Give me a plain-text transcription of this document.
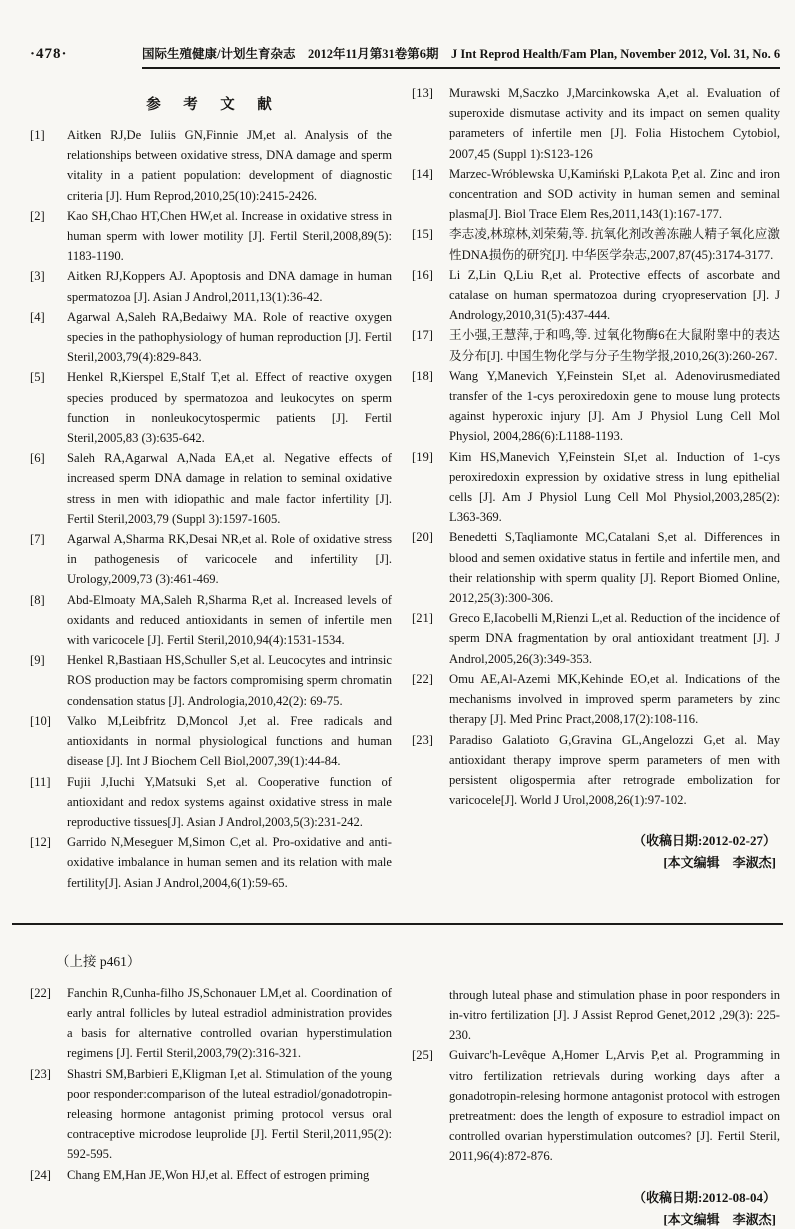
·478·	国际生殖健康/计划生育杂志　2012年11月第31卷第6期　J Int Reprod Health/Fam Plan, November 2012, Vol. 31, No. 6
参　考　文　献
[1]	Aitken RJ,De Iuliis GN,Finnie JM,et al. Analysis of the relationships between oxidative stress, DNA damage and sperm vitality in a patient population: development of diagnostic criteria [J]. Hum Reprod,2010,25(10):2415-2426.
[2]	Kao SH,Chao HT,Chen HW,et al. Increase in oxidative stress in human sperm with lower motility [J]. Fertil Steril,2008,89(5): 1183-1190.
[3]	Aitken RJ,Koppers AJ. Apoptosis and DNA damage in human spermatozoa [J]. Asian J Androl,2011,13(1):36-42.
[4]	Agarwal A,Saleh RA,Bedaiwy MA. Role of reactive oxygen species in the pathophysiology of human reproduction [J]. Fertil Steril,2003,79(4):829-843.
[5]	Henkel R,Kierspel E,Stalf T,et al. Effect of reactive oxygen species produced by spermatozoa and leukocytes on sperm function in nonleukocytospermic patients [J]. Fertil Steril,2005,83 (3):635-642.
[6]	Saleh RA,Agarwal A,Nada EA,et al. Negative effects of increased sperm DNA damage in relation to seminal oxidative stress in men with idiopathic and male factor infertility [J]. Fertil Steril,2003,79 (Suppl 3):1597-1605.
[7]	Agarwal A,Sharma RK,Desai NR,et al. Role of oxidative stress in pathogenesis of varicocele and infertility [J]. Urology,2009,73 (3):461-469.
[8]	Abd-Elmoaty MA,Saleh R,Sharma R,et al. Increased levels of oxidants and reduced antioxidants in semen of infertile men with varicocele [J]. Fertil Steril,2010,94(4):1531-1534.
[9]	Henkel R,Bastiaan HS,Schuller S,et al. Leucocytes and intrinsic ROS production may be factors compromising sperm chromatin condensation status [J]. Andrologia,2010,42(2): 69-75.
[10]	Valko M,Leibfritz D,Moncol J,et al. Free radicals and antioxidants in normal physiological functions and human disease [J]. Int J Biochem Cell Biol,2007,39(1):44-84.
[11]	Fujii J,Iuchi Y,Matsuki S,et al. Cooperative function of antioxidant and redox systems against oxidative stress in male reproductive tissues[J]. Asian J Androl,2003,5(3):231-242.
[12]	Garrido N,Meseguer M,Simon C,et al. Pro-oxidative and anti-oxidative imbalance in human semen and its relation with male fertility[J]. Asian J Androl,2004,6(1):59-65.
[13]	Murawski M,Saczko J,Marcinkowska A,et al. Evaluation of superoxide dismutase activity and its impact on semen quality parameters of infertile men [J]. Folia Histochem Cytobiol, 2007,45 (Suppl 1):S123-126
[14]	Marzec-Wróblewska U,Kamiński P,Lakota P,et al. Zinc and iron concentration and SOD activity in human semen and seminal plasma[J]. Biol Trace Elem Res,2011,143(1):167-177.
[15]	李志凌,林琼林,刘荣菊,等. 抗氧化剂改善冻融人精子氧化应激性DNA损伤的研究[J]. 中华医学杂志,2007,87(45):3174-3177.
[16]	Li Z,Lin Q,Liu R,et al. Protective effects of ascorbate and catalase on human spermatozoa during cryopreservation [J]. J Andrology,2010,31(5):437-444.
[17]	王小强,王慧萍,于和鸣,等. 过氧化物酶6在大鼠附睾中的表达及分布[J]. 中国生物化学与分子生物学报,2010,26(3):260-267.
[18]	Wang Y,Manevich Y,Feinstein SI,et al. Adenovirusmediated transfer of the 1-cys peroxiredoxin gene to mouse lung protects against hyperoxic injury [J]. Am J Physiol Lung Cell Mol Physiol, 2004,286(6):L1188-1193.
[19]	Kim HS,Manevich Y,Feinstein SI,et al. Induction of 1-cys peroxiredoxin expression by oxidative stress in lung epithelial cells [J]. Am J Physiol Lung Cell Mol Physiol,2003,285(2): L363-369.
[20]	Benedetti S,Taqliamonte MC,Catalani S,et al. Differences in blood and semen oxidative status in fertile and infertile men, and their relationship with sperm quality [J]. Report Biomed Online, 2012,25(3):300-306.
[21]	Greco E,Iacobelli M,Rienzi L,et al. Reduction of the incidence of sperm DNA fragmentation by oral antioxidant treatment [J]. J Androl,2005,26(3):349-353.
[22]	Omu AE,Al-Azemi MK,Kehinde EO,et al. Indications of the mechanisms involved in improved sperm parameters by zinc therapy [J]. Med Princ Pract,2008,17(2):108-116.
[23]	Paradiso Galatioto G,Gravina GL,Angelozzi G,et al. May antioxidant therapy improve sperm parameters of men with persistent oligospermia after retrograde embolization for varicocele[J]. World J Urol,2008,26(1):97-102.
（收稿日期:2012-02-27）
[本文编辑　李淑杰]
（上接 p461）
[22]	Fanchin R,Cunha-filho JS,Schonauer LM,et al. Coordination of early antral follicles by luteal estradiol administration provides a basis for alternative controlled ovarian hyperstimulation regimens [J]. Fertil Steril,2003,79(2):316-321.
[23]	Shastri SM,Barbieri E,Kligman I,et al. Stimulation of the young poor responder:comparison of the luteal estradiol/gonadotropin-releasing hormone antagonist priming protocol versus oral contraceptive microdose leuprolide [J]. Fertil Steril,2011,95(2): 592-595.
[24]	Chang EM,Han JE,Won HJ,et al. Effect of estrogen priming
through luteal phase and stimulation phase in poor responders in in-vitro fertilization [J]. J Assist Reprod Genet,2012 ,29(3): 225-230.
[25]	Guivarc'h-Levêque A,Homer L,Arvis P,et al. Programming in vitro fertilization retrievals during working days after a gonadotropin-relesing hormone antagonist protocol with estrogen pretreatment: does the length of exposure to estradiol impact on controlled ovarian hyperstimulation outcomes? [J]. Fertil Steril, 2011,96(4):872-876.
（收稿日期:2012-08-04）
[本文编辑　李淑杰]
